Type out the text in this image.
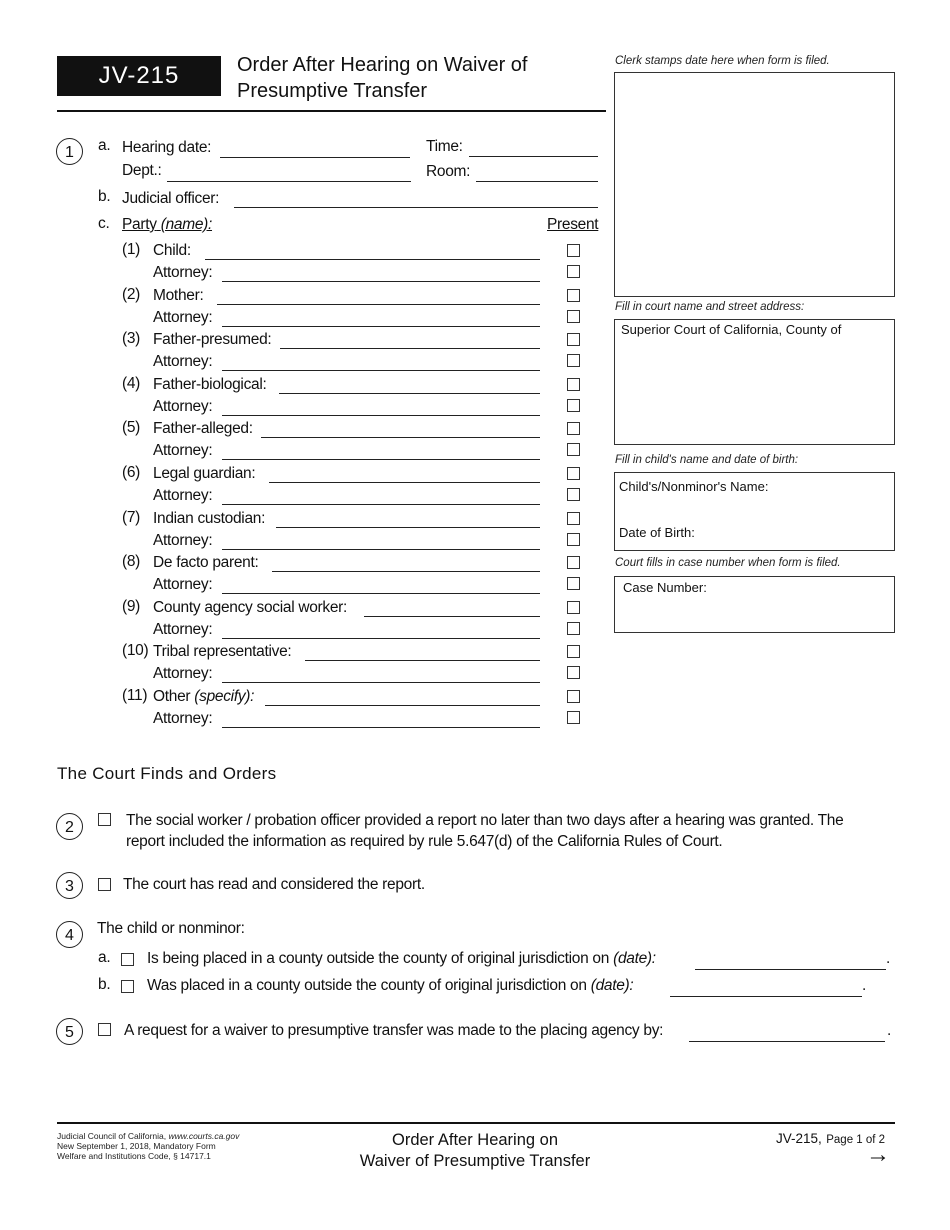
JV-215	Order After Hearing on Waiver of
Presumptive Transfer
Clerk stamps date here when form is filed.
Fill in court name and street address:
Superior Court of California, County of
Fill in child's name and date of birth:
Child's/Nonminor's Name:
Date of Birth:
Court fills in case number when form is filed.
Case Number:
1	a. Hearing date:	Time:
Dept.:	Room:
b. Judicial officer:
c. Party (name):	Present
(1) Child:
Attorney:
(2) Mother:
Attorney:
(3) Father-presumed:
Attorney:
(4) Father-biological:
Attorney:
(5) Father-alleged:
Attorney:
(6) Legal guardian:
Attorney:
(7) Indian custodian:
Attorney:
(8) De facto parent:
Attorney:
(9) County agency social worker:
Attorney:
(10) Tribal representative:
Attorney:
(11) Other (specify):
Attorney:
The Court Finds and Orders
2	The social worker / probation officer provided a report no later than two days after a hearing was granted. The
report included the information as required by rule 5.647(d) of the California Rules of Court.
3	The court has read and considered the report.
4	The child or nonminor:
a. Is being placed in a county outside the county of original jurisdiction on (date):	.
b. Was placed in a county outside the county of original jurisdiction on (date):	.
5	A request for a waiver to presumptive transfer was made to the placing agency by:	.
Judicial Council of California, www.courts.ca.gov
New September 1, 2018, Mandatory Form
Welfare and Institutions Code, § 14717.1
Order After Hearing on
Waiver of Presumptive Transfer
JV-215, Page 1 of 2
→
